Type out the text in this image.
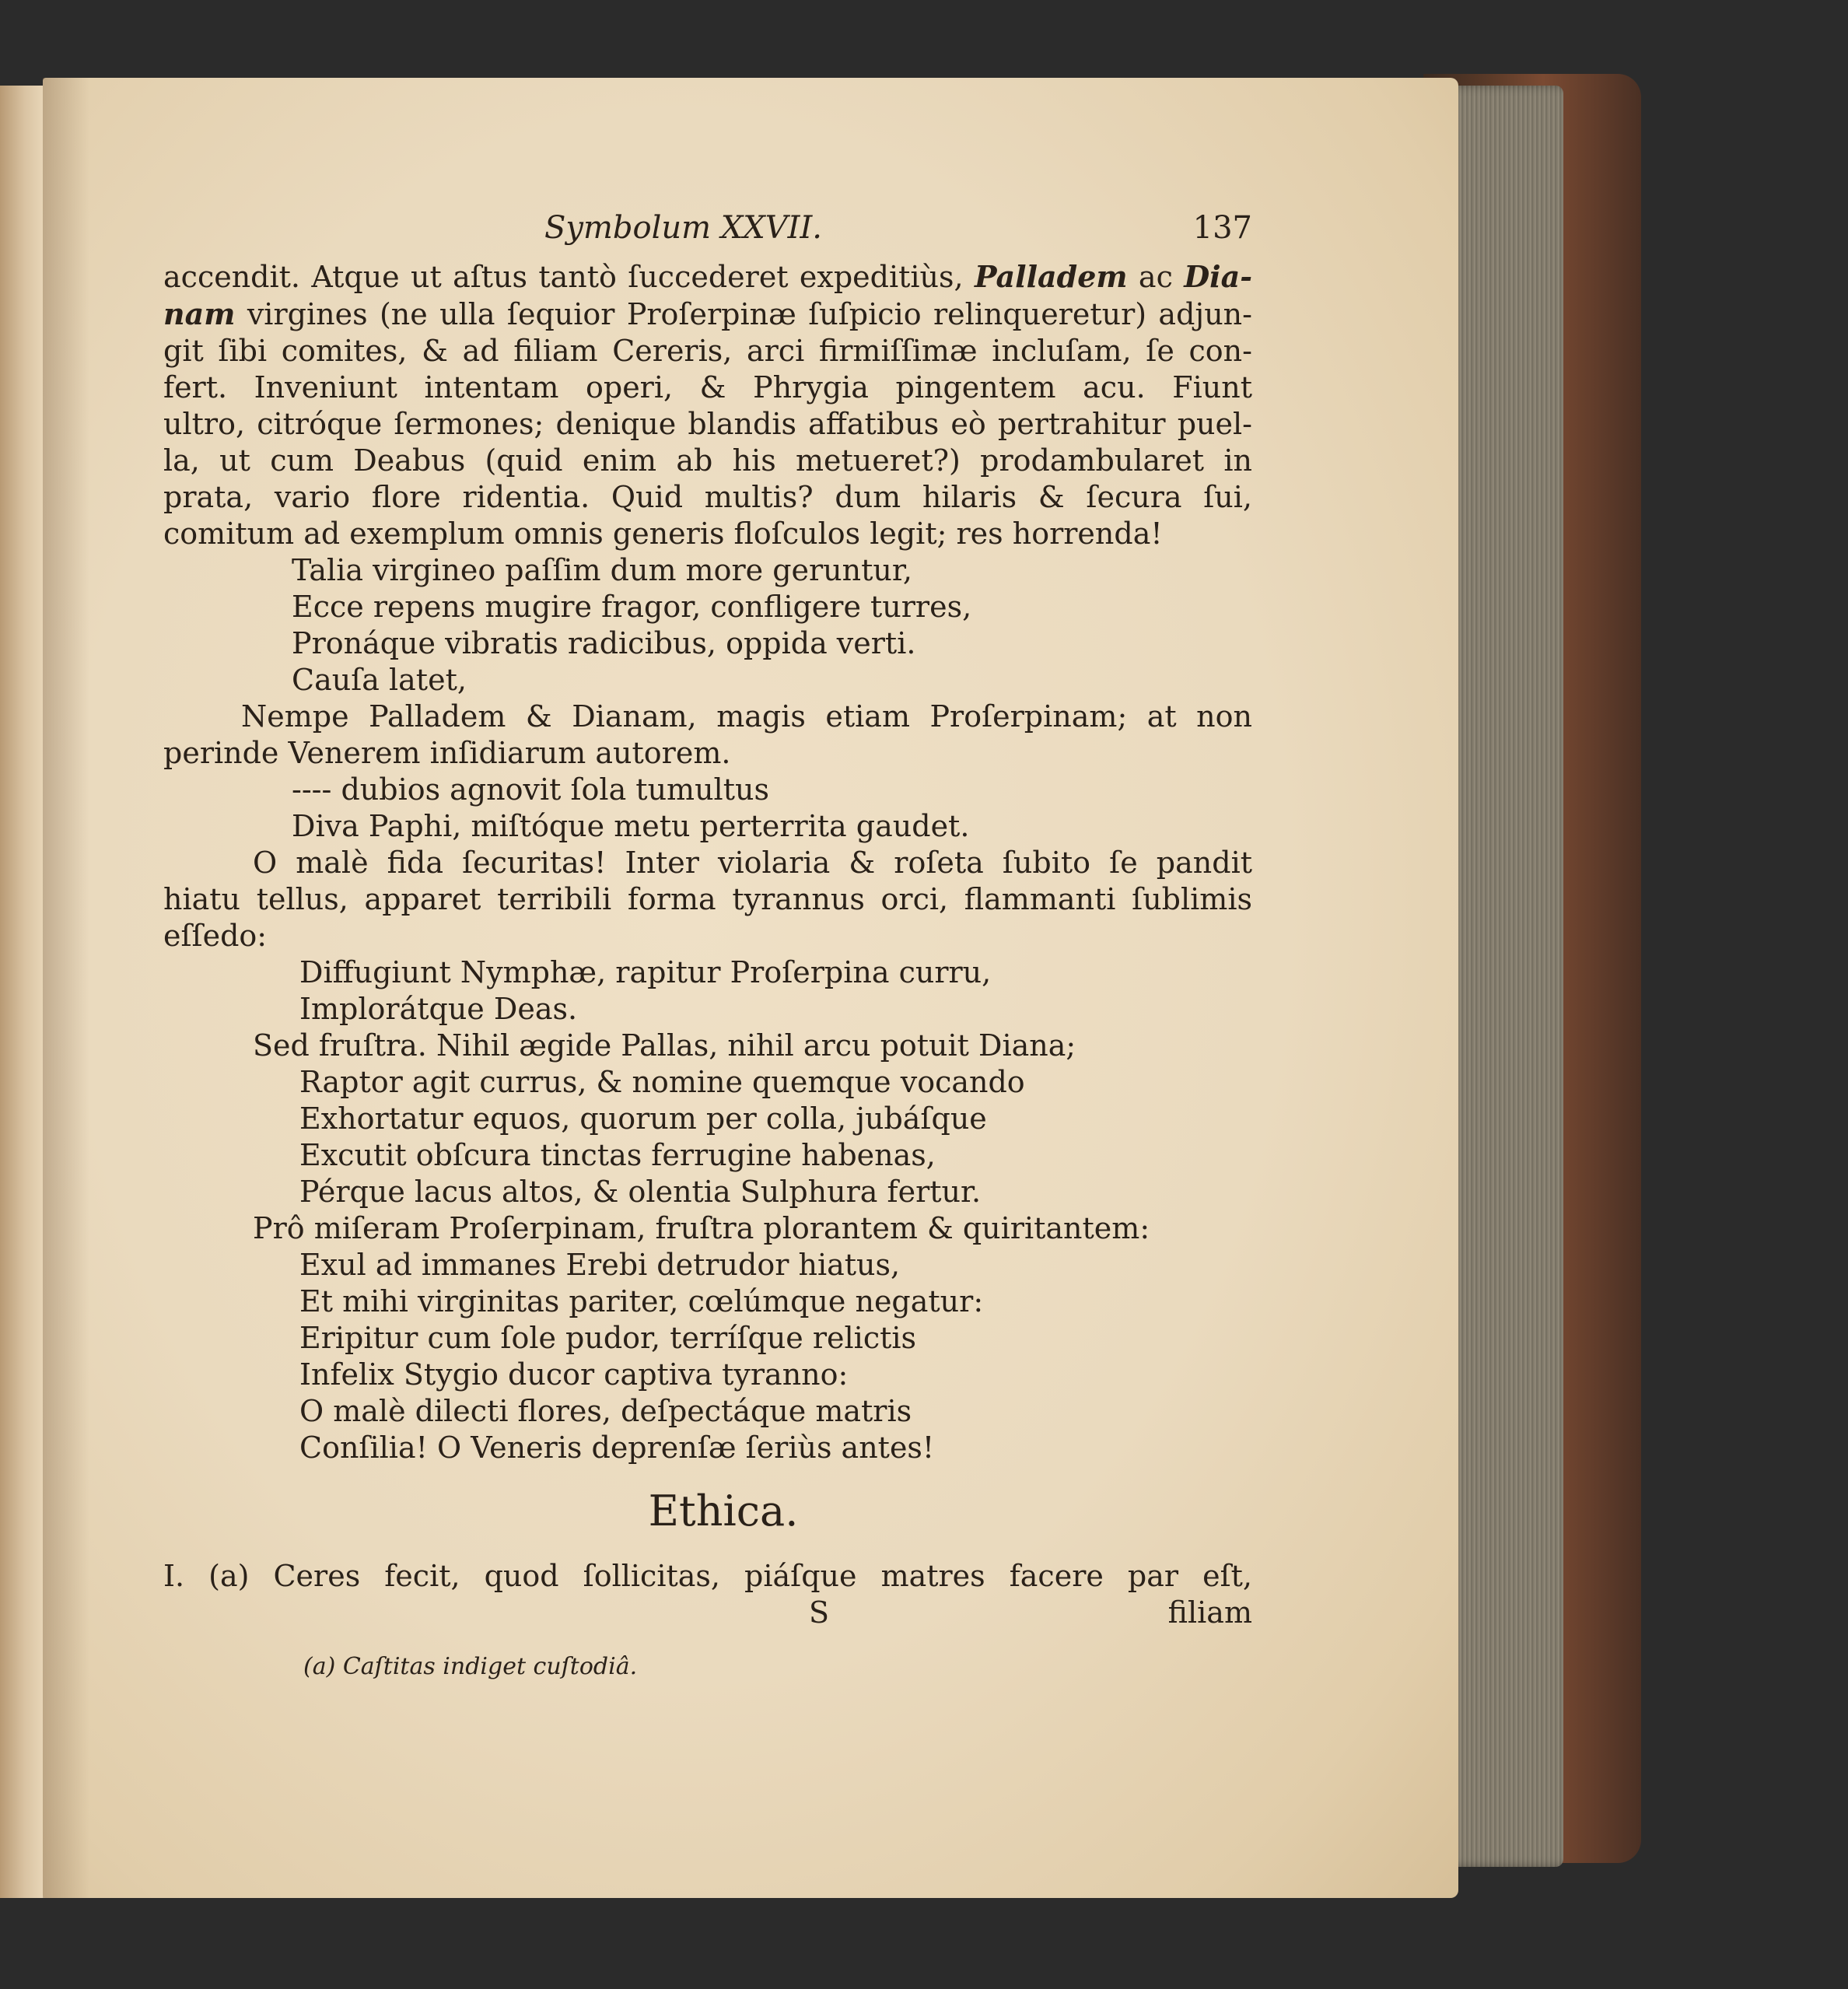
Symbolum XXVII.	137
accendit. Atque ut aſtus tantò ſuccederet expeditiùs, Palladem ac Dia-
nam virgines (ne ulla ſequior Proſerpinæ ſuſpicio relinqueretur) adjun-
git ſibi comites, & ad filiam Cereris, arci firmiſſimæ incluſam, ſe con-
fert. Inveniunt intentam operi, & Phrygia pingentem acu. Fiunt
ultro, citróque ſermones; denique blandis affatibus eò pertrahitur puel-
la, ut cum Deabus (quid enim ab his metueret?) prodambularet in
prata, vario flore ridentia. Quid multis? dum hilaris & ſecura ſui,
comitum ad exemplum omnis generis floſculos legit; res horrenda!
Talia virgineo paſſim dum more geruntur,
Ecce repens mugire fragor, confligere turres,
Pronáque vibratis radicibus, oppida verti.
Cauſa latet,
Nempe Palladem & Dianam, magis etiam Proſerpinam; at non
perinde Venerem inſidiarum autorem.
---- dubios agnovit ſola tumultus
Diva Paphi, miſtóque metu perterrita gaudet.
O malè fida ſecuritas! Inter violaria & roſeta ſubito ſe pandit
hiatu tellus, apparet terribili forma tyrannus orci, flammanti ſublimis
eſſedo:
Diffugiunt Nymphæ, rapitur Proſerpina curru,
Implorátque Deas.
Sed fruſtra. Nihil ægide Pallas, nihil arcu potuit Diana;
Raptor agit currus, & nomine quemque vocando
Exhortatur equos, quorum per colla, jubáſque
Excutit obſcura tinctas ferrugine habenas,
Pérque lacus altos, & olentia Sulphura fertur.
Prô miſeram Proſerpinam, fruſtra plorantem & quiritantem:
Exul ad immanes Erebi detrudor hiatus,
Et mihi virginitas pariter, cœlúmque negatur:
Eripitur cum ſole pudor, terríſque relictis
Infelix Stygio ducor captiva tyranno:
O malè dilecti flores, deſpectáque matris
Conſilia! O Veneris deprenſæ ſeriùs antes!
Ethica.
I. (a) Ceres fecit, quod ſollicitas, piáſque matres facere par eſt,
S	filiam
(a) Caſtitas indiget cuſtodiâ.
